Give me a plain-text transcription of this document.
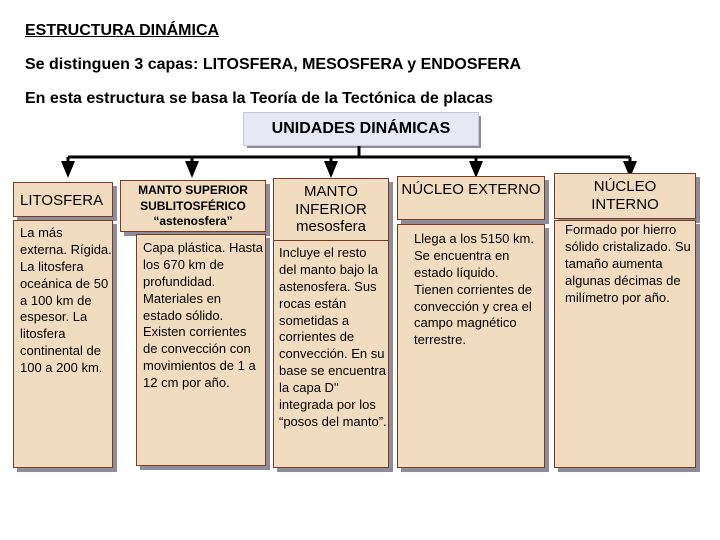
ESTRUCTURA DINÁMICA
Se distinguen 3 capas: LITOSFERA, MESOSFERA y ENDOSFERA
En esta estructura se basa la Teoría de la Tectónica de placas
UNIDADES DINÁMICAS
LITOSFERA
La más externa. Rígida. La litosfera oceánica de 50 a 100 km de espesor. La litosfera continental de 100 a 200 km.
MANTO SUPERIOR SUBLITOSFÉRICO “astenosfera”
Capa plástica. Hasta los 670 km de profundidad. Materiales en estado sólido. Existen corrientes de convección con movimientos de 1 a 12 cm por año.
MANTO INFERIOR mesosfera
Incluye el resto del manto bajo la astenosfera. Sus rocas están sometidas a corrientes de convección. En su base se encuentra la capa D'' integrada por los “posos del manto”.
NÚCLEO EXTERNO
Llega a los 5150 km. Se encuentra en estado líquido. Tienen corrientes de convección y crea el campo magnético terrestre.
NÚCLEO INTERNO
Formado por hierro sólido cristalizado. Su tamaño aumenta algunas décimas de milímetro por año.
